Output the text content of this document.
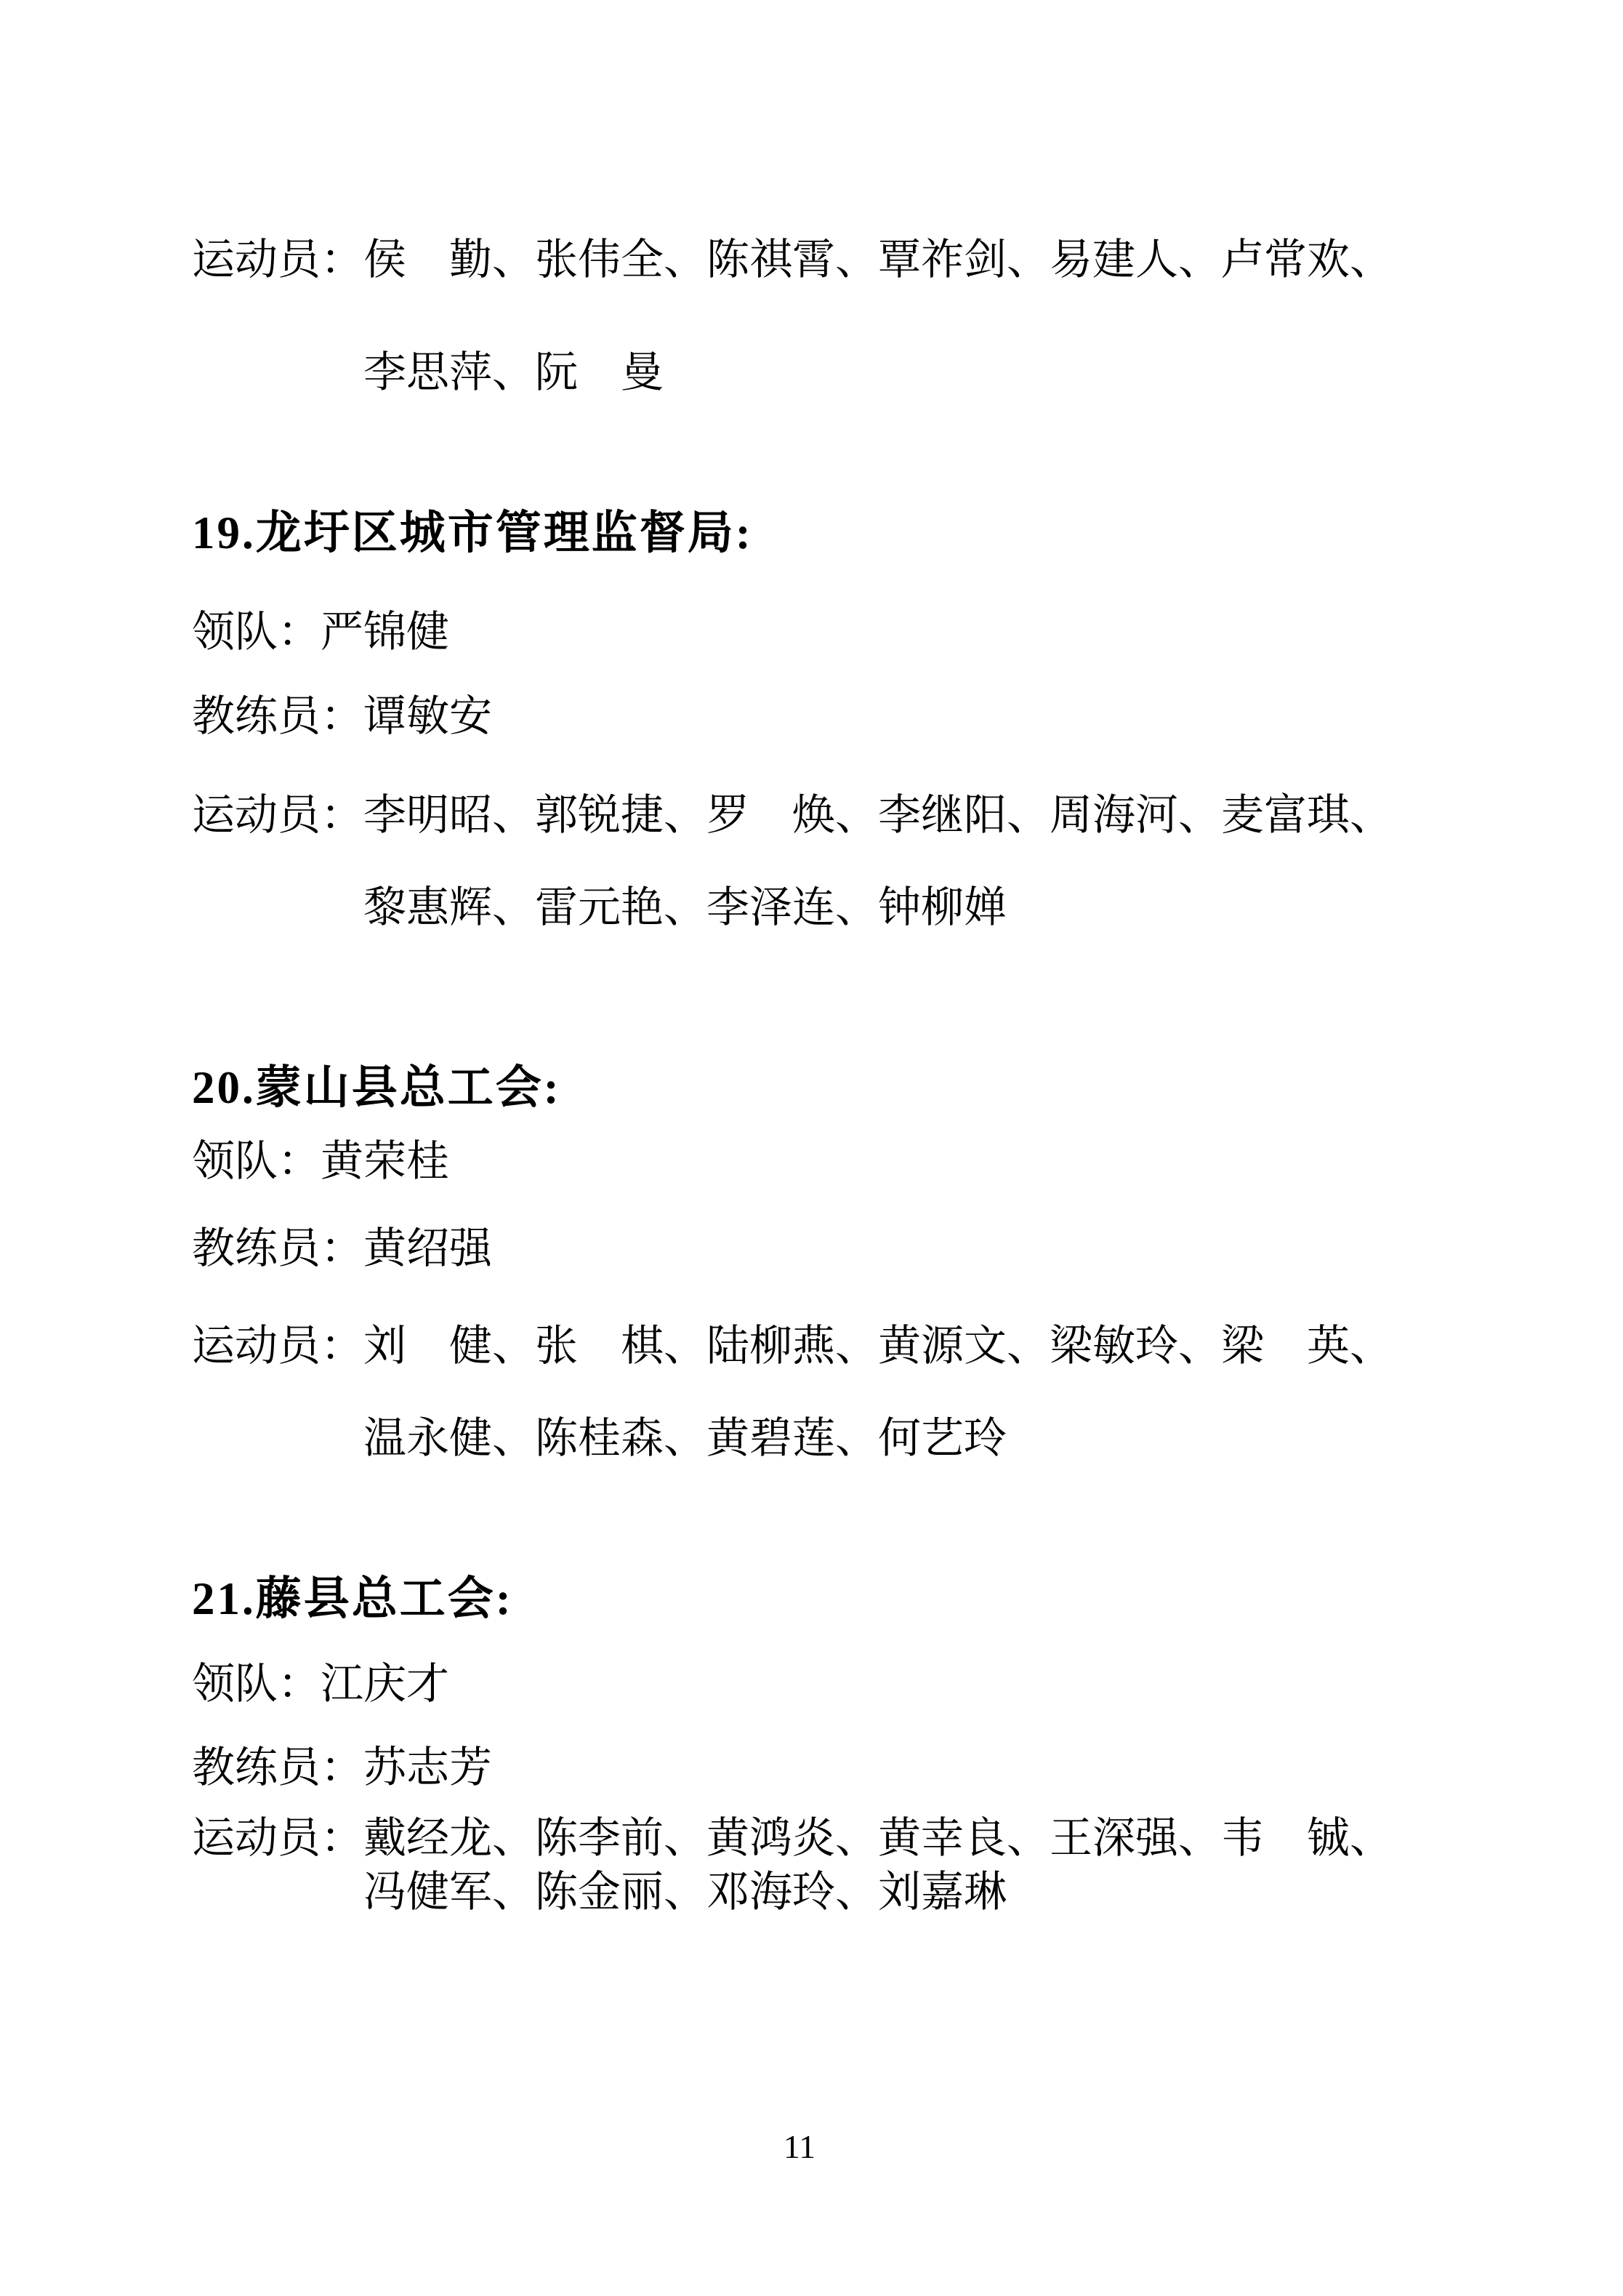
运动员： 侯　勤、张伟全、陈祺霄、覃祚剑、易建人、卢常欢、
李思萍、阮　曼
19.龙圩区城市管理监督局:
领队：严锦健
教练员：谭敏安
运动员： 李明昭、郭锐捷、罗　焕、李继阳、周海河、麦富琪、
黎惠辉、雷元艳、李泽连、钟柳婵
20.蒙山县总工会:
领队：黄荣桂
教练员：黄绍强
运动员： 刘　健、张　棋、陆柳燕、黄源文、梁敏玲、梁　英、
温永健、陈桂森、黄碧莲、何艺玲
21.藤县总工会:
领队：江庆才
教练员：苏志芳
运动员： 戴经龙、陈李前、黄鸿炎、黄幸良、王深强、韦　铖、
冯健军、陈金丽、邓海玲、刘嘉琳
11
